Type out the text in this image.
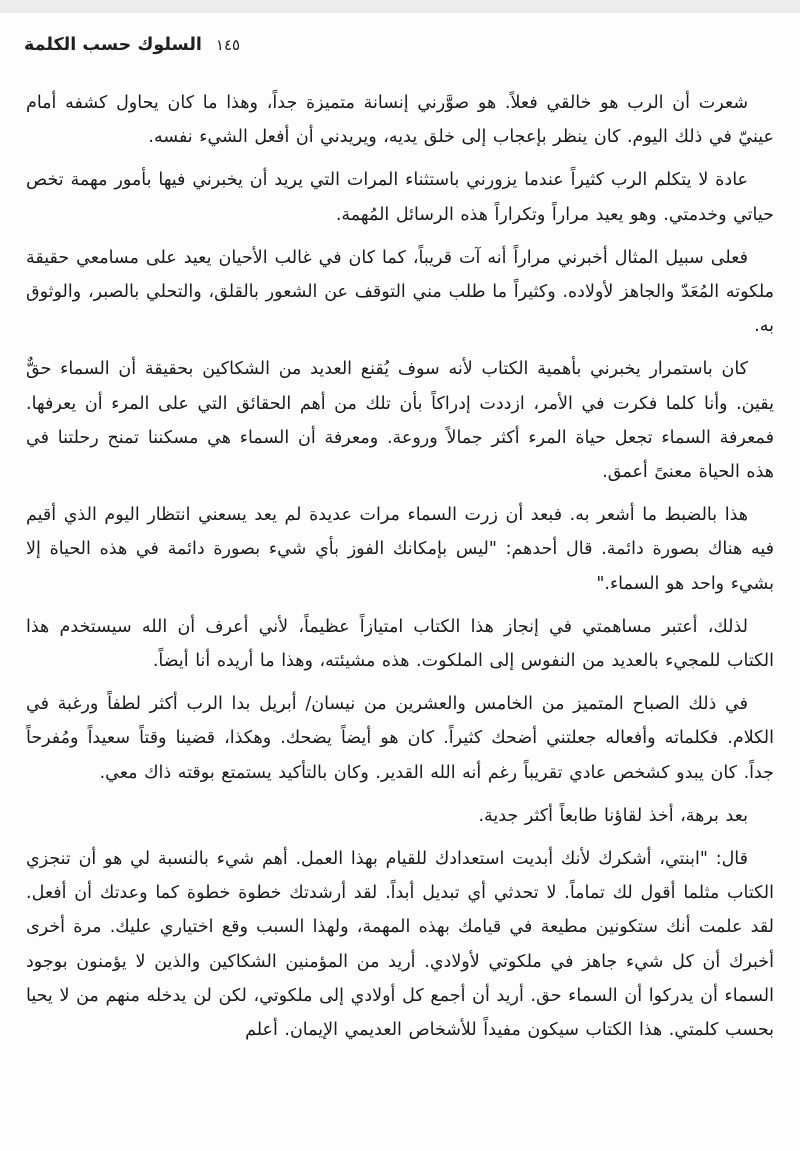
١٤٥السلوك حسب الكلمة

شعرت أن الرب هو خالقي فعلاً. هو صوَّرني إنسانة متميزة جداً، وهذا ما كان يحاول كشفه أمام عينيّ في ذلك اليوم. كان ينظر بإعجاب إلى خلق يديه، ويريدني أن أفعل الشيء نفسه.

عادة لا يتكلم الرب كثيراً عندما يزورني باستثناء المرات التي يريد أن يخبرني فيها بأمور مهمة تخص حياتي وخدمتي. وهو يعيد مراراً وتكراراً هذه الرسائل المُهمة.

فعلى سبيل المثال أخبرني مراراً أنه آت قريباً، كما كان في غالب الأحيان يعيد على مسامعي حقيقة ملكوته المُعَدّ والجاهز لأولاده. وكثيراً ما طلب مني التوقف عن الشعور بالقلق، والتحلي بالصبر، والوثوق به.

كان باستمرار يخبرني بأهمية الكتاب لأنه سوف يُقنع العديد من الشكاكين بحقيقة أن السماء حقٌّ يقين. وأنا كلما فكرت في الأمر، ازددت إدراكاً بأن تلك من أهم الحقائق التي على المرء أن يعرفها. فمعرفة السماء تجعل حياة المرء أكثر جمالاً وروعة. ومعرفة أن السماء هي مسكننا تمنح رحلتنا في هذه الحياة معنىً أعمق.

هذا بالضبط ما أشعر به. فبعد أن زرت السماء مرات عديدة لم يعد يسعني انتظار اليوم الذي أقيم فيه هناك بصورة دائمة. قال أحدهم: "ليس بإمكانك الفوز بأي شيء بصورة دائمة في هذه الحياة إلا بشيء واحد هو السماء."

لذلك، أعتبر مساهمتي في إنجاز هذا الكتاب امتيازاً عظيماً، لأني أعرف أن الله سيستخدم هذا الكتاب للمجيء بالعديد من النفوس إلى الملكوت. هذه مشيئته، وهذا ما أريده أنا أيضاً.

في ذلك الصباح المتميز من الخامس والعشرين من نيسان/ أبريل بدا الرب أكثر لطفاً ورغبة في الكلام. فكلماته وأفعاله جعلتني أضحك كثيراً. كان هو أيضاً يضحك. وهكذا، قضينا وقتاً سعيداً ومُفرحاً جداً. كان يبدو كشخص عادي تقريباً رغم أنه الله القدير. وكان بالتأكيد يستمتع بوقته ذاك معي.

بعد برهة، أخذ لقاؤنا طابعاً أكثر جدية.

قال: "ابنتي، أشكرك لأنك أبديت استعدادك للقيام بهذا العمل. أهم شيء بالنسبة لي هو أن تنجزي الكتاب مثلما أقول لك تماماً. لا تحدثي أي تبديل أبداً. لقد أرشدتك خطوة خطوة كما وعدتك أن أفعل. لقد علمت أنك ستكونين مطيعة في قيامك بهذه المهمة، ولهذا السبب وقع اختياري عليك. مرة أخرى أخبرك أن كل شيء جاهز في ملكوتي لأولادي. أريد من المؤمنين الشكاكين والذين لا يؤمنون بوجود السماء أن يدركوا أن السماء حق. أريد أن أجمع كل أولادي إلى ملكوتي، لكن لن يدخله منهم من لا يحيا بحسب كلمتي. هذا الكتاب سيكون مفيداً للأشخاص العديمي الإيمان. أعلم
